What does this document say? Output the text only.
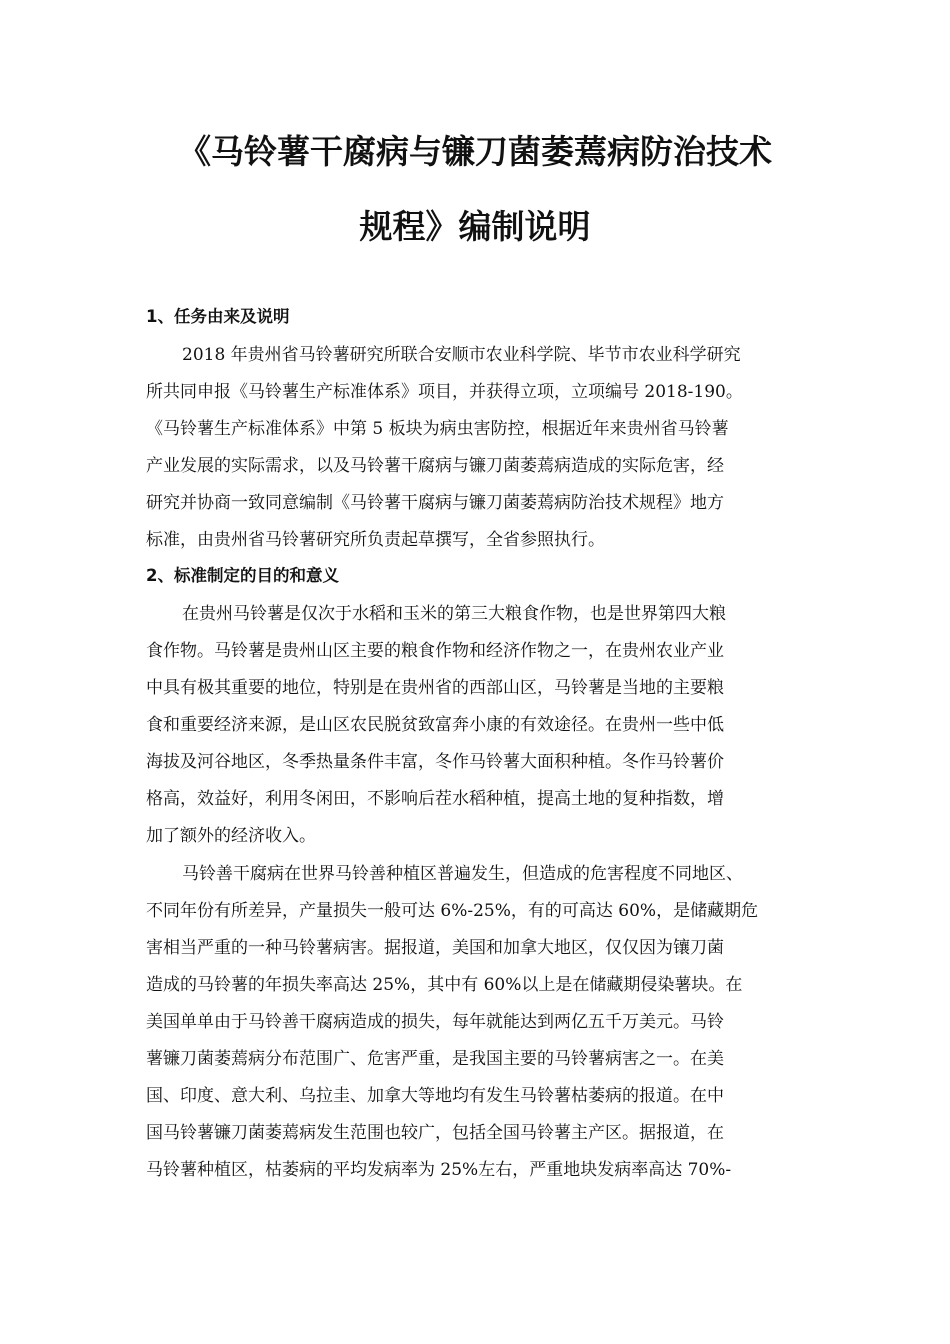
《马铃薯干腐病与镰刀菌萎蔫病防治技术
规程》编制说明
1、任务由来及说明
2018 年贵州省马铃薯研究所联合安顺市农业科学院、毕节市农业科学研究
所共同申报《马铃薯生产标准体系》项目，并获得立项，立项编号 2018-190。
《马铃薯生产标准体系》中第 5 板块为病虫害防控，根据近年来贵州省马铃薯
产业发展的实际需求，以及马铃薯干腐病与镰刀菌萎蔫病造成的实际危害，经
研究并协商一致同意编制《马铃薯干腐病与镰刀菌萎蔫病防治技术规程》地方
标准，由贵州省马铃薯研究所负责起草撰写，全省参照执行。
2、标准制定的目的和意义
在贵州马铃薯是仅次于水稻和玉米的第三大粮食作物，也是世界第四大粮
食作物。马铃薯是贵州山区主要的粮食作物和经济作物之一，在贵州农业产业
中具有极其重要的地位，特别是在贵州省的西部山区，马铃薯是当地的主要粮
食和重要经济来源，是山区农民脱贫致富奔小康的有效途径。在贵州一些中低
海拔及河谷地区，冬季热量条件丰富，冬作马铃薯大面积种植。冬作马铃薯价
格高，效益好，利用冬闲田，不影响后茬水稻种植，提高土地的复种指数，增
加了额外的经济收入。
马铃善干腐病在世界马铃善种植区普遍发生，但造成的危害程度不同地区、
不同年份有所差异，产量损失一般可达 6%-25%，有的可高达 60%，是储藏期危
害相当严重的一种马铃薯病害。据报道，美国和加拿大地区，仅仅因为镶刀菌
造成的马铃薯的年损失率高达 25%，其中有 60%以上是在储藏期侵染薯块。在
美国单单由于马铃善干腐病造成的损失，每年就能达到两亿五千万美元。马铃
薯镰刀菌萎蔫病分布范围广、危害严重，是我国主要的马铃薯病害之一。在美
国、印度、意大利、乌拉圭、加拿大等地均有发生马铃薯枯萎病的报道。在中
国马铃薯镰刀菌萎蔫病发生范围也较广，包括全国马铃薯主产区。据报道，在
马铃薯种植区，枯萎病的平均发病率为 25%左右，严重地块发病率高达 70%-
